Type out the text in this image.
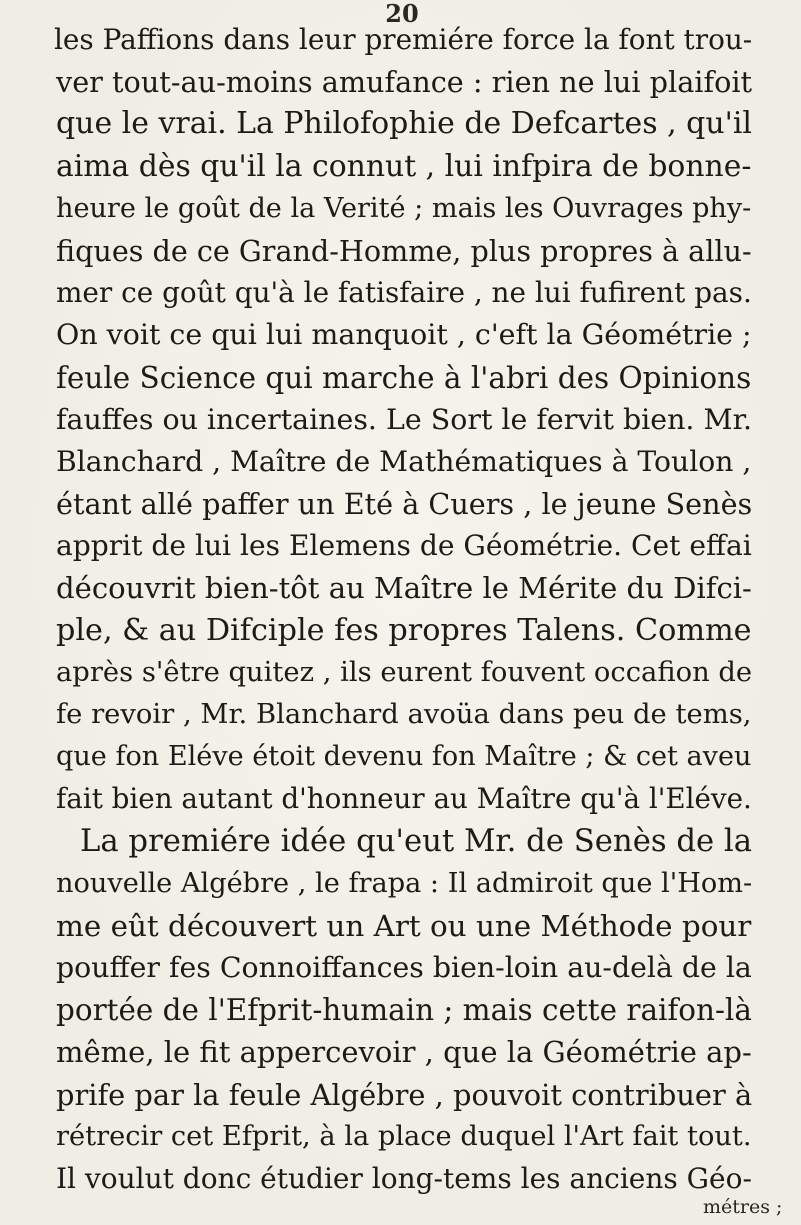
20
les Paffions dans leur premiére force la font trou-
ver tout-au-moins amufance : rien ne lui plaifoit
que le vrai. La Philofophie de Defcartes , qu'il
aima dès qu'il la connut , lui infpira de bonne-
heure le goût de la Verité ; mais les Ouvrages phy-
fiques de ce Grand-Homme, plus propres à allu-
mer ce goût qu'à le fatisfaire , ne lui fufirent pas.
On voit ce qui lui manquoit , c'eft la Géométrie ;
feule Science qui marche à l'abri des Opinions
fauffes ou incertaines. Le Sort le fervit bien. Mr.
Blanchard , Maître de Mathématiques à Toulon ,
étant allé paffer un Eté à Cuers , le jeune Senès
apprit de lui les Elemens de Géométrie. Cet effai
découvrit bien-tôt au Maître le Mérite du Difci-
ple, & au Difciple fes propres Talens. Comme
après s'être quitez , ils eurent fouvent occafion de
fe revoir , Mr. Blanchard avoüa dans peu de tems,
que fon Eléve étoit devenu fon Maître ; & cet aveu
fait bien autant d'honneur au Maître qu'à l'Eléve.
La premiére idée qu'eut Mr. de Senès de la
nouvelle Algébre , le frapa : Il admiroit que l'Hom-
me eût découvert un Art ou une Méthode pour
pouffer fes Connoiffances bien-loin au-delà de la
portée de l'Efprit-humain ; mais cette raifon-là
même, le fit appercevoir , que la Géométrie ap-
prife par la feule Algébre , pouvoit contribuer à
rétrecir cet Efprit, à la place duquel l'Art fait tout.
Il voulut donc étudier long-tems les anciens Géo-
métres ;
